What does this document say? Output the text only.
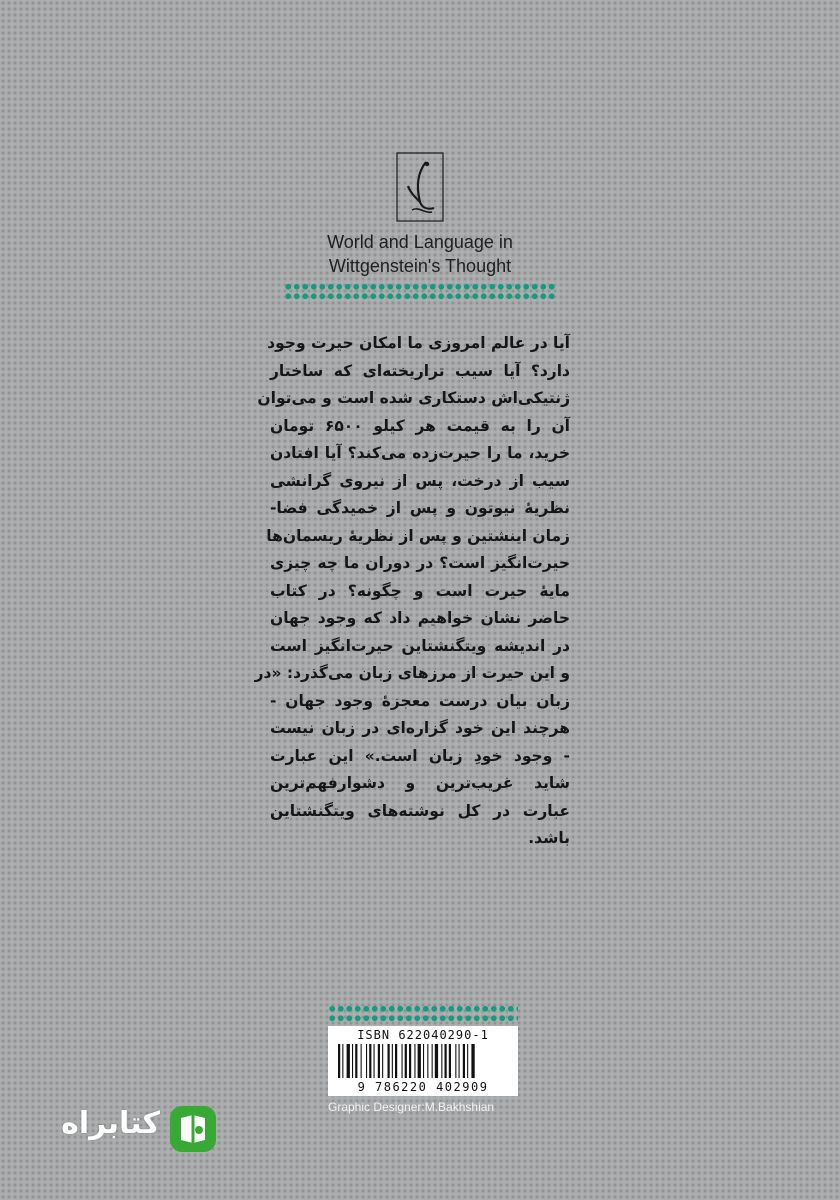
World and Language in
Wittgenstein's Thought
آیا در عالم امروزی ما امکان حیرت وجود
دارد؟ آیا سیب تراریخته‌ای که ساختار
ژنتیکی‌اش دستکاری شده است و می‌توان
آن را به قیمت هر کیلو ۶۵۰۰ تومان
خرید، ما را حیرت‌زده می‌کند؟ آیا افتادن
سیب از درخت، پس از نیروی گرانشی
نظریهٔ نیوتون و پس از خمیدگی فضا-
زمان اینشتین و پس از نظریهٔ ریسمان‌ها
حیرت‌انگیز است؟ در دوران ما چه چیزی
مایهٔ حیرت است و چگونه؟ در کتاب
حاضر نشان خواهیم داد که وجود جهان
در اندیشه ویتگنشتاین حیرت‌انگیز است
و این حیرت از مرزهای زبان می‌گذرد: «در
زبان بیان درست معجزهٔ وجود جهان -
هرچند این خود گزاره‌ای در زبان نیست
- وجود خودِ زبان است.» این عبارت
شاید غریب‌ترین و دشوارفهم‌ترین
عبارت در کل نوشته‌های ویتگنشتاین
باشد.
ISBN 622040290-1
9 786220 402909
Graphic Designer:M.Bakhshian
کتابراه
